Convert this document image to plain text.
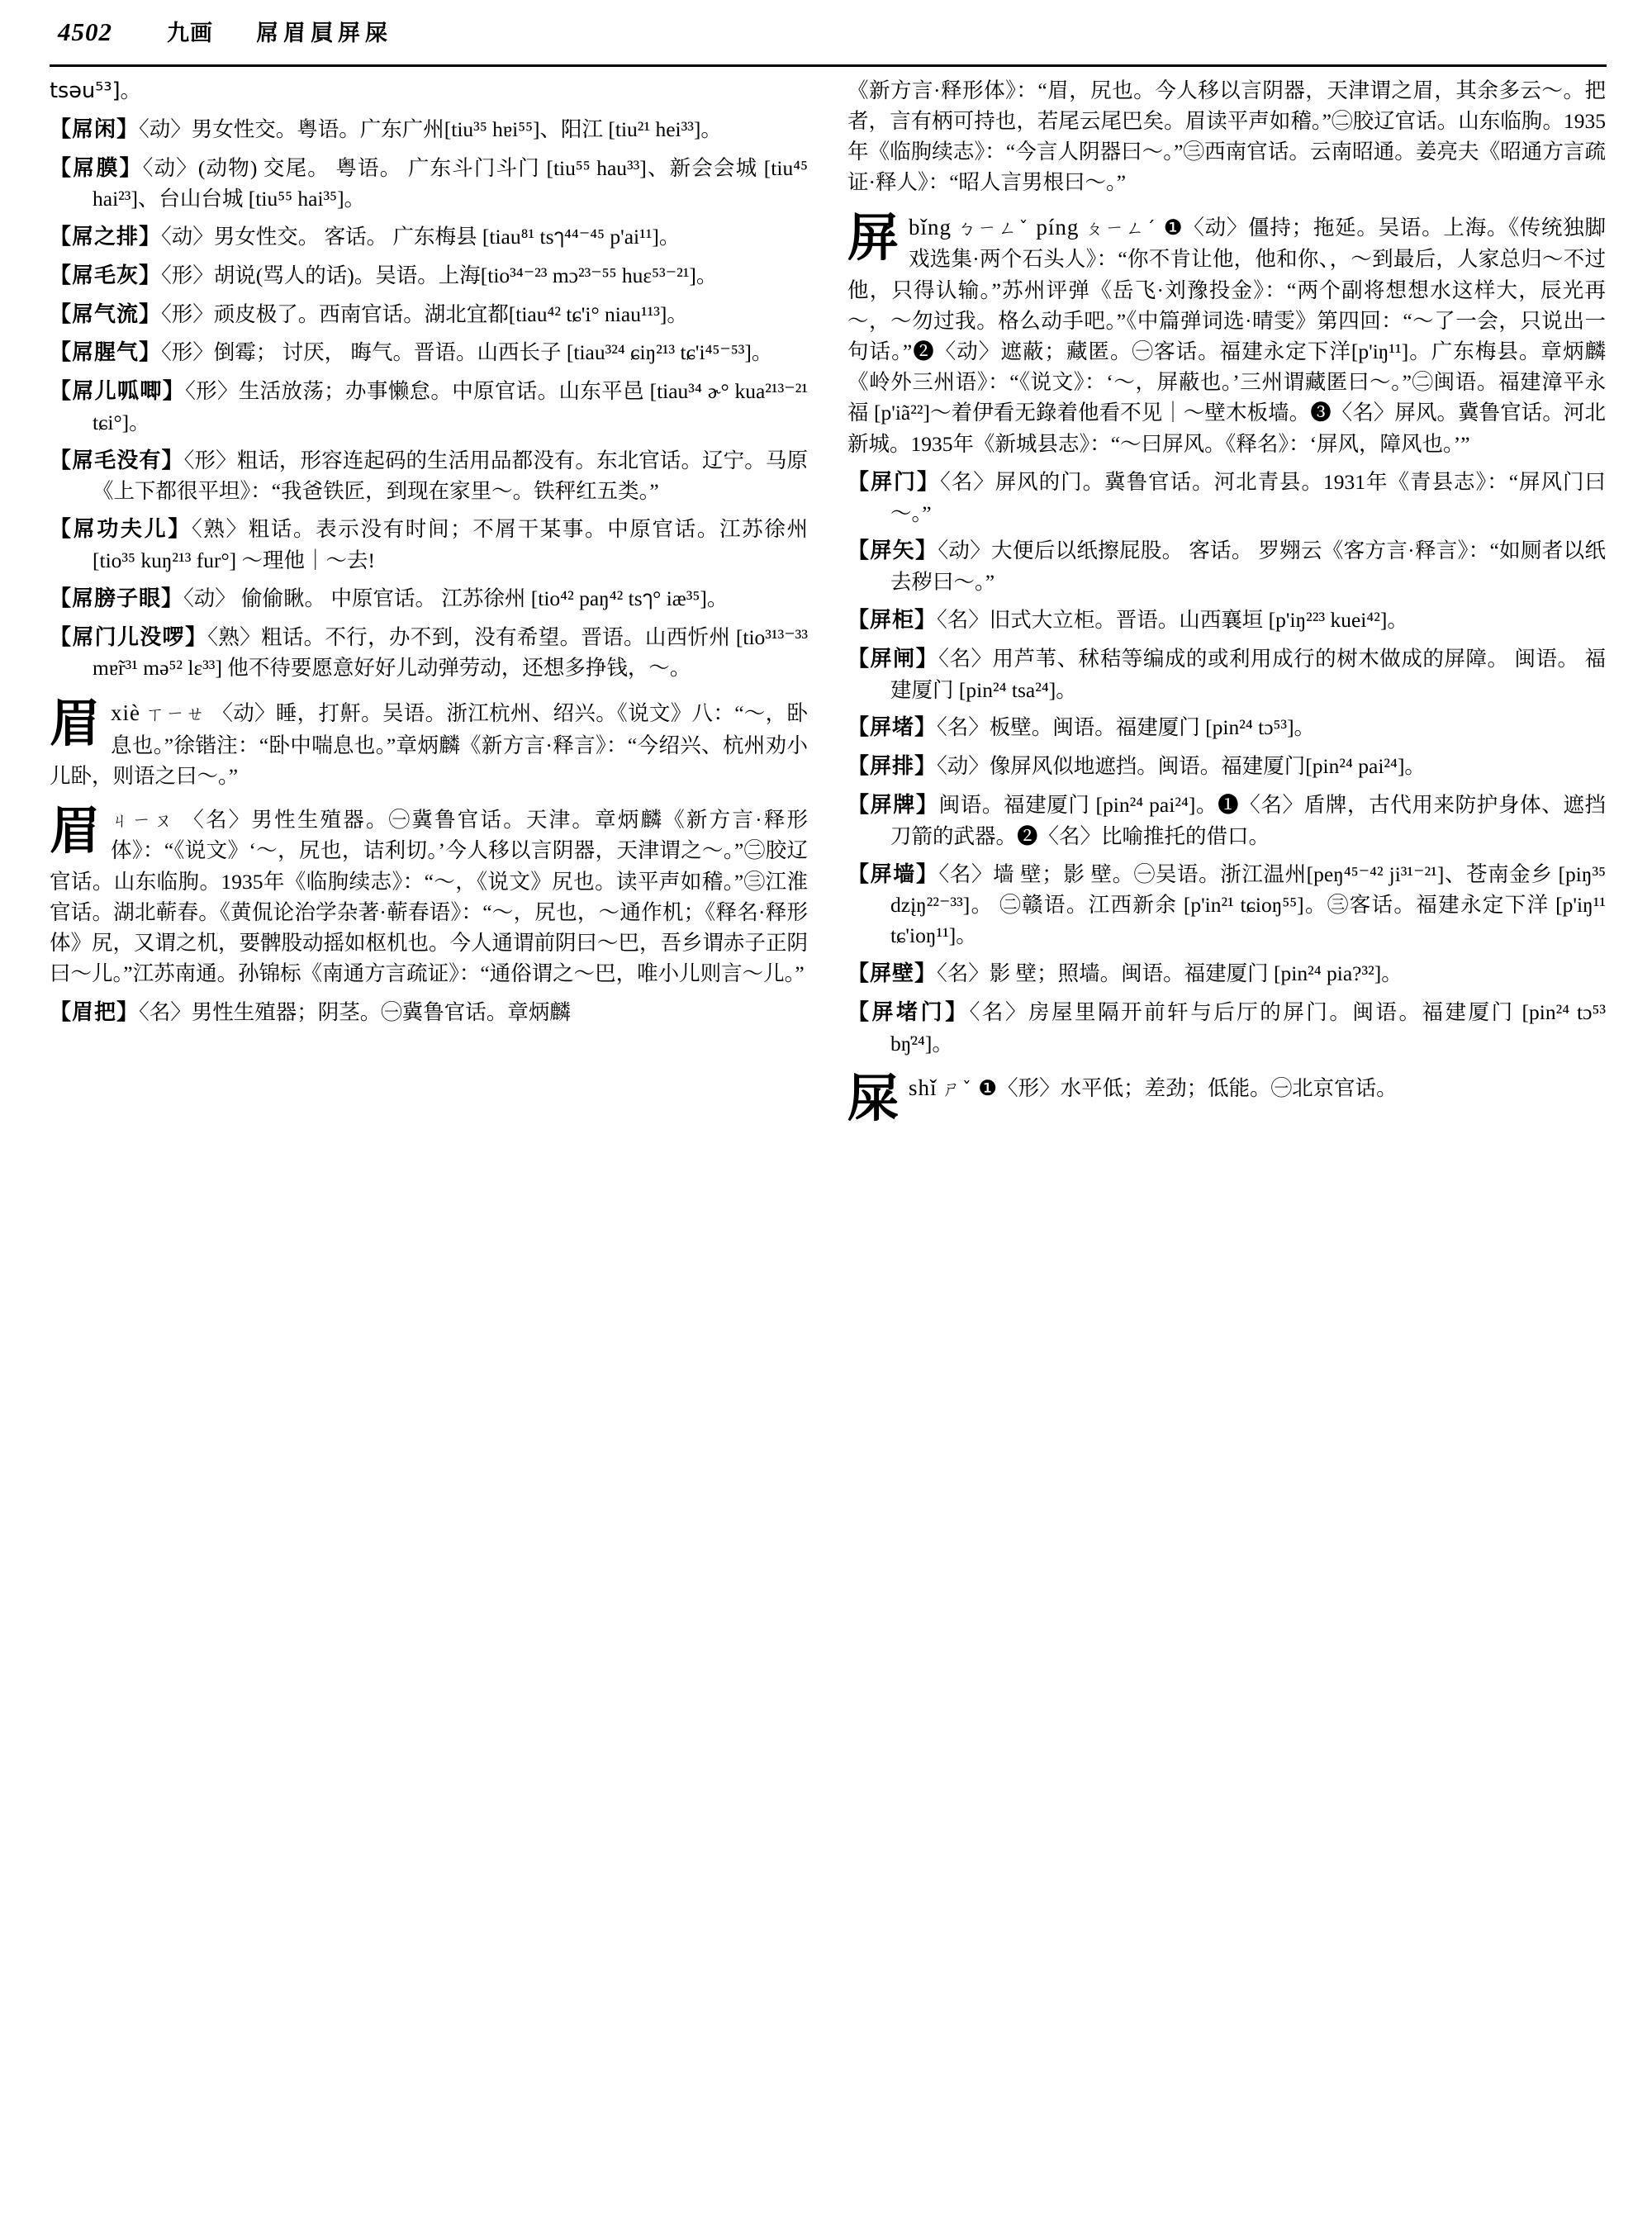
4502 九画 屌眉屓屏屎
tsəu⁵³]。
【屌闲】〈动〉男女性交。粤语。广东广州[tiu³⁵ hɐi⁵⁵]、阳江 [tiu²¹ hei³³]。
【屌膜】〈动〉(动物) 交尾。 粤语。 广东斗门斗门 [tiu⁵⁵ hau³³]、新会会城 [tiu⁴⁵ hai²³]、台山台城 [tiu⁵⁵ hai³⁵]。
【屌之排】〈动〉男女性交。 客话。 广东梅县 [tiau⁸¹ tsๅ⁴⁴⁻⁴⁵ p'ai¹¹]。
【屌毛灰】〈形〉胡说(骂人的话)。吴语。上海[tio³⁴⁻²³ mɔ²³⁻⁵⁵ huɛ⁵³⁻²¹]。
【屌气流】〈形〉顽皮极了。西南官话。湖北宜都[tiau⁴² tɕ'i° niau¹¹³]。
【屌腥气】〈形〉倒霉； 讨厌， 晦气。晋语。山西长子 [tiau³²⁴ ɕiŋ²¹³ tɕ'i⁴⁵⁻⁵³]。
【屌儿呱唧】〈形〉生活放荡；办事懒怠。中原官话。山东平邑 [tiau³⁴ ɚ° kua²¹³⁻²¹ tɕi°]。
【屌毛没有】〈形〉粗话，形容连起码的生活用品都没有。东北官话。辽宁。马原《上下都很平坦》：“我爸铁匠，到现在家里～。铁秤红五类。”
【屌功夫儿】〈熟〉粗话。表示没有时间；不屑干某事。中原官话。江苏徐州 [tio³⁵ kuŋ²¹³ fur°] ～理他｜～去!
【屌膀子眼】〈动〉 偷偷瞅。 中原官话。 江苏徐州 [tio⁴² paŋ⁴² tsๅ° iæ³⁵]。
【屌门儿没啰】〈熟〉粗话。不行，办不到，没有希望。晋语。山西忻州 [tio³¹³⁻³³ mɐ̃r³¹ mə⁵² lɛ³³] 他不待要愿意好好儿动弹劳动，还想多挣钱，～。
眉 xiè ㄒㄧㄝ 〈动〉睡，打鼾。吴语。浙江杭州、绍兴。《说文》八：“～，卧息也。”徐锴注：“卧中喘息也。”章炳麟《新方言·释言》：“今绍兴、杭州劝小儿卧，则语之曰～。”
眉 ㄐㄧㄡ 〈名〉男性生殖器。㊀冀鲁官话。天津。章炳麟《新方言·释形体》：“《说文》‘～，尻也，诘利切。’今人移以言阴器，天津谓之～。”㊁胶辽官话。山东临朐。1935年《临朐续志》：“～，《说文》尻也。读平声如稽。”㊂江淮官话。湖北蕲春。《黄侃论治学杂著·蕲春语》：“～，尻也，～通作机；《释名·释形体》尻，又谓之机，要髀股动摇如枢机也。今人通谓前阴曰～巴，吾乡谓赤子正阴曰～儿。”江苏南通。孙锦标《南通方言疏证》：“通俗谓之～巴，唯小儿则言～儿。”
【眉把】〈名〉男性生殖器；阴茎。㊀冀鲁官话。章炳麟
《新方言·释形体》：“眉，尻也。今人移以言阴器，天津谓之眉，其余多云～。把者，言有柄可持也，若尾云尾巴矣。眉读平声如稽。”㊁胶辽官话。山东临朐。1935年《临朐续志》：“今言人阴器曰～。”㊂西南官话。云南昭通。姜亮夫《昭通方言疏证·释人》：“昭人言男根曰～。”
屏 bǐng ㄅㄧㄥˇ píng ㄆㄧㄥˊ ❶〈动〉僵持；拖延。吴语。上海。《传统独脚戏选集·两个石头人》：“你不肯让他，他和你、，～到最后，人家总归～不过他，只得认输。”苏州评弹《岳飞·刘豫投金》：“两个副将想想水这样大，辰光再～，～勿过我。格么动手吧。”《中篇弹词选·晴雯》第四回：“～了一会，只说出一句话。”❷〈动〉遮蔽；藏匿。㊀客话。福建永定下洋[p'iŋ¹¹]。广东梅县。章炳麟《岭外三州语》：“《说文》：‘～，屏蔽也。’三州谓藏匿曰～。”㊁闽语。福建漳平永福 [p'iã²²]～着伊看无錄着他看不见｜～壁木板墙。❸〈名〉屏风。冀鲁官话。河北新城。1935年《新城县志》：“～曰屏风。《释名》：‘屏风，障风也。’”
【屏门】〈名〉屏风的门。冀鲁官话。河北青县。1931年《青县志》：“屏风门曰～。”
【屏矢】〈动〉大便后以纸擦屁股。 客话。 罗翙云《客方言·释言》：“如厕者以纸去秽曰～。”
【屏柜】〈名〉旧式大立柜。晋语。山西襄垣 [p'iŋ²²³ kuei⁴²]。
【屏闸】〈名〉用芦苇、秫秸等编成的或利用成行的树木做成的屏障。 闽语。 福建厦门 [pin²⁴ tsa²⁴]。
【屏堵】〈名〉板壁。闽语。福建厦门 [pin²⁴ tɔ⁵³]。
【屏排】〈动〉像屏风似地遮挡。闽语。福建厦门[pin²⁴ pai²⁴]。
【屏牌】闽语。福建厦门 [pin²⁴ pai²⁴]。❶〈名〉盾牌，古代用来防护身体、遮挡刀箭的武器。❷〈名〉比喻推托的借口。
【屏墙】〈名〉墙 壁；影 壁。㊀吴语。浙江温州[peŋ⁴⁵⁻⁴² ji³¹⁻²¹]、苍南金乡 [piŋ³⁵ dzįŋ²²⁻³³]。 ㊁赣语。江西新余 [p'in²¹ tɕioŋ⁵⁵]。㊂客话。福建永定下洋 [p'iŋ¹¹ tɕ'ioŋ¹¹]。
【屏壁】〈名〉影 壁；照墙。闽语。福建厦门 [pin²⁴ pia?³²]。
【屏堵门】〈名〉房屋里隔开前轩与后厅的屏门。闽语。福建厦门 [pin²⁴ tɔ⁵³ bŋ̍²⁴]。
屎 shǐ ㄕˇ ❶〈形〉水平低；差劲；低能。㊀北京官话。
